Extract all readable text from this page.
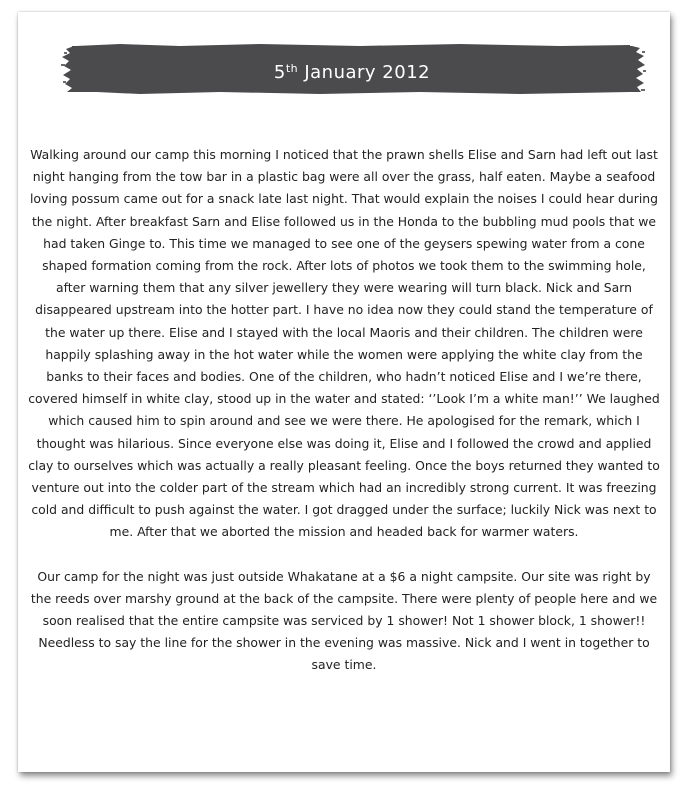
5th January 2012

Walking around our camp this morning I noticed that the prawn shells Elise and Sarn had left out last night hanging from the tow bar in a plastic bag were all over the grass, half eaten. Maybe a seafood loving possum came out for a snack late last night. That would explain the noises I could hear during the night. After breakfast Sarn and Elise followed us in the Honda to the bubbling mud pools that we had taken Ginge to. This time we managed to see one of the geysers spewing water from a cone shaped formation coming from the rock. After lots of photos we took them to the swimming hole, after warning them that any silver jewellery they were wearing will turn black. Nick and Sarn disappeared upstream into the hotter part. I have no idea now they could stand the temperature of the water up there. Elise and I stayed with the local Maoris and their children. The children were happily splashing away in the hot water while the women were applying the white clay from the banks to their faces and bodies. One of the children, who hadn’t noticed Elise and I we’re there, covered himself in white clay, stood up in the water and stated: ‘’Look I’m a white man!’’ We laughed which caused him to spin around and see we were there. He apologised for the remark, which I thought was hilarious. Since everyone else was doing it, Elise and I followed the crowd and applied clay to ourselves which was actually a really pleasant feeling. Once the boys returned they wanted to venture out into the colder part of the stream which had an incredibly strong current. It was freezing cold and difficult to push against the water. I got dragged under the surface; luckily Nick was next to me. After that we aborted the mission and headed back for warmer waters.

Our camp for the night was just outside Whakatane at a $6 a night campsite. Our site was right by the reeds over marshy ground at the back of the campsite. There were plenty of people here and we soon realised that the entire campsite was serviced by 1 shower! Not 1 shower block, 1 shower!! Needless to say the line for the shower in the evening was massive. Nick and I went in together to save time.
